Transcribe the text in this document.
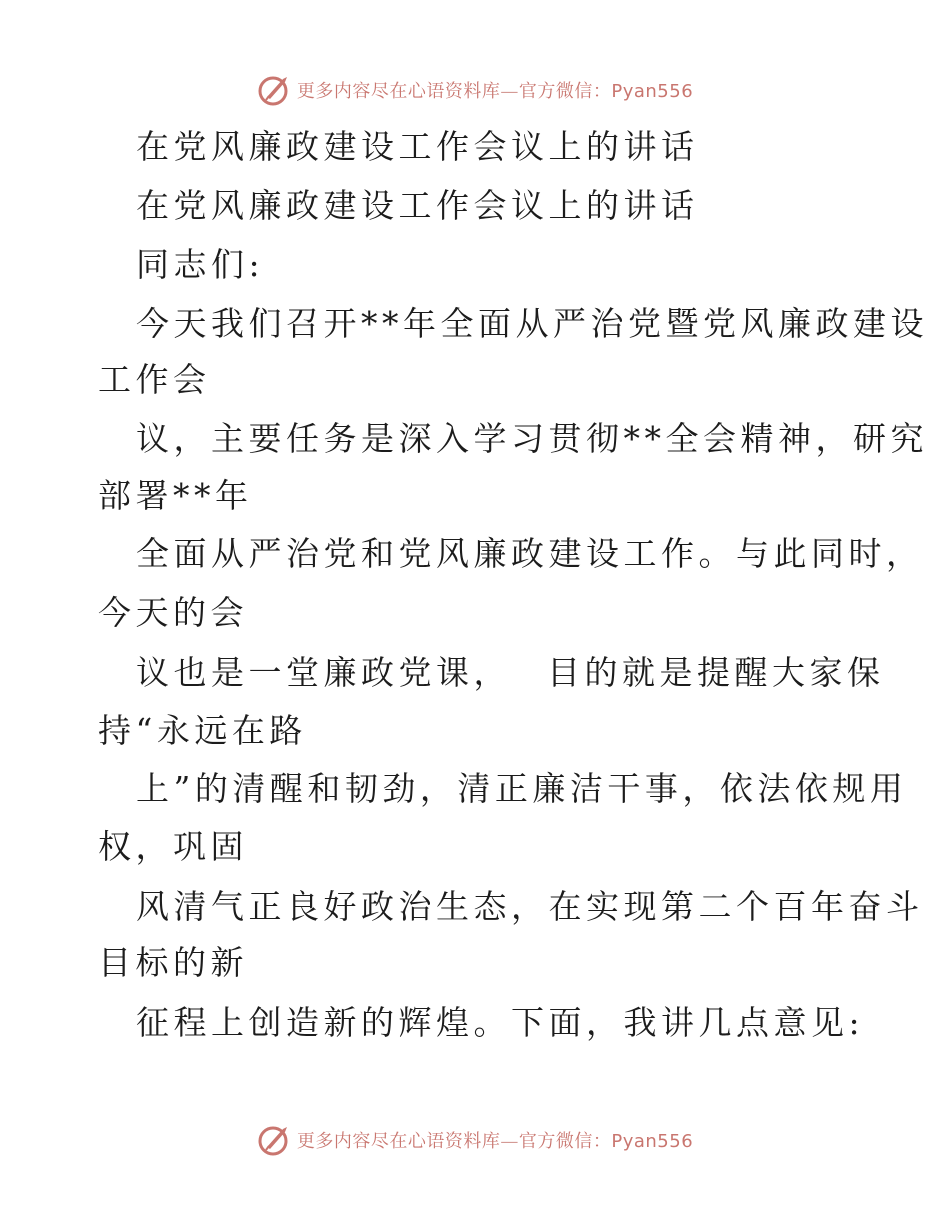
更多内容尽在心语资料库—官方微信：Pyan556
在党风廉政建设工作会议上的讲话
在党风廉政建设工作会议上的讲话
同志们:
今天我们召开**年全面从严治党暨党风廉政建设
工作会
议，主要任务是深入学习贯彻**全会精神，研究
部署**年
全面从严治党和党风廉政建设工作。与此同时，
今天的会
议也是一堂廉政党课，　 目的就是提醒大家保
持“永远在路
上”的清醒和韧劲，清正廉洁干事，依法依规用
权，巩固
风清气正良好政治生态，在实现第二个百年奋斗
目标的新
征程上创造新的辉煌。下面，我讲几点意见:
更多内容尽在心语资料库—官方微信：Pyan556
